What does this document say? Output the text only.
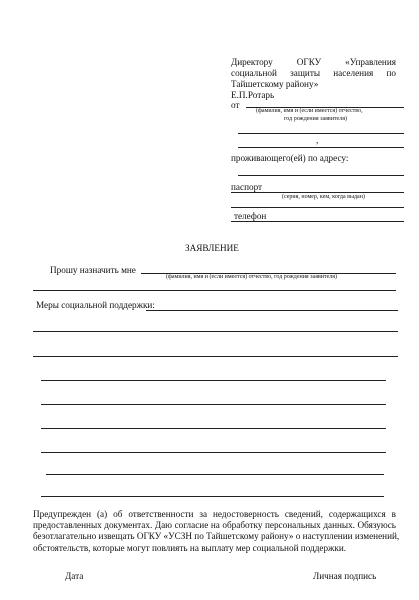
Директору ОГКУ «Управления
социальной защиты населения по
Тайшетскому району»
Е.П.Ротарь
от
(фамилия, имя и (если имеется) отчество,
год рождения заявителя)
,
проживающего(ей) по адресу:
паспорт
(серия, номер, кем, когда выдан)
телефон
ЗАЯВЛЕНИЕ
Прошу назначить мне
(фамилия, имя и (если имеется) отчество, год рождения заявителя)
Меры социальной поддержки:
Предупрежден (а) об ответственности за недостоверность сведений, содержащихся в
предоставленных документах. Даю согласие на обработку персональных данных. Обязуюсь
безотлагательно извещать ОГКУ «УСЗН по Тайшетскому району» о наступлении изменений,
обстоятельств, которые могут повлиять на выплату мер социальной поддержки.
Дата	Личная подпись
